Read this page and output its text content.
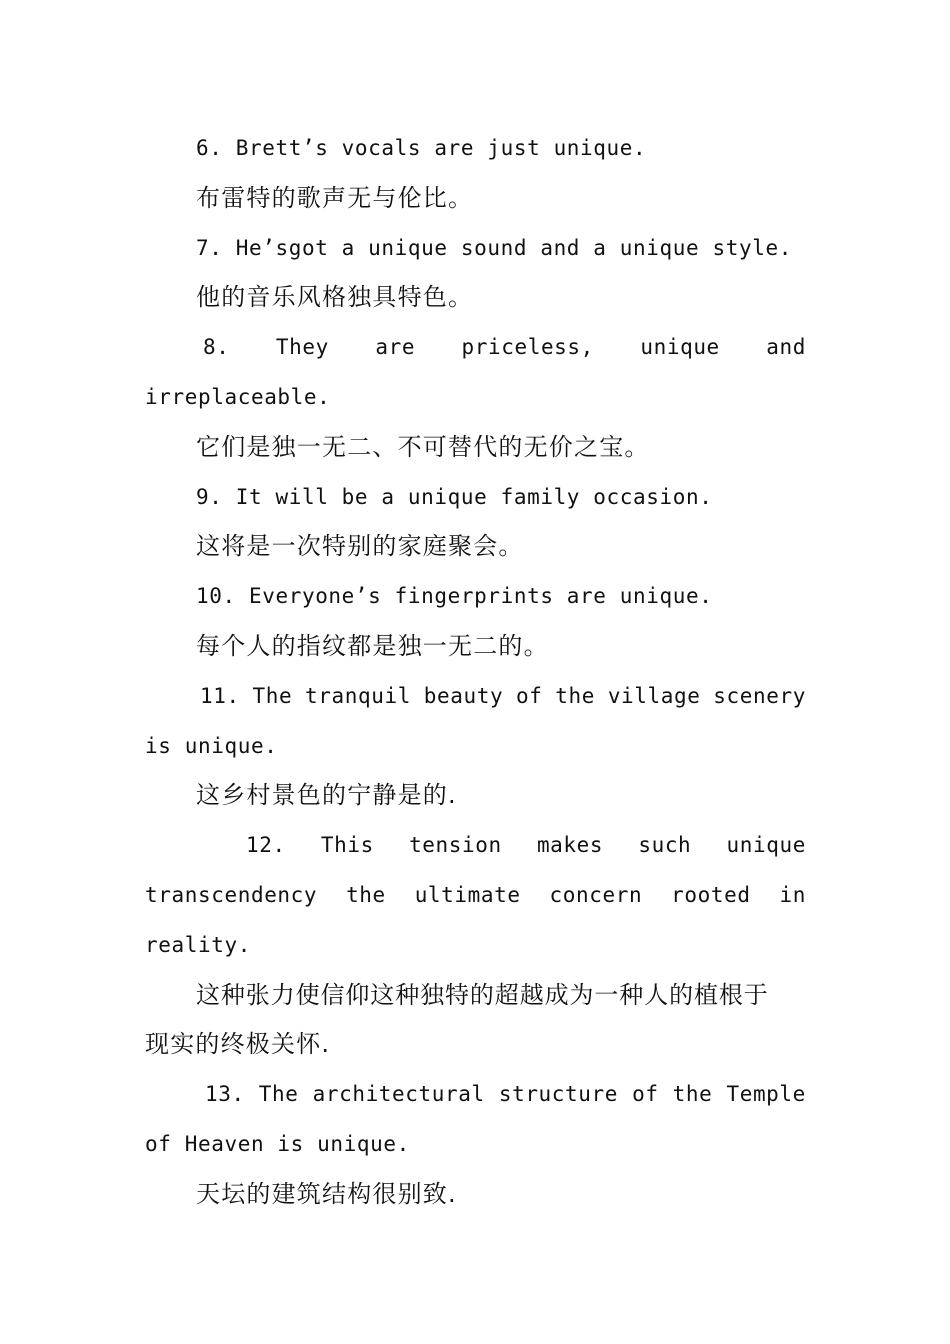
6. Brett’s vocals are just unique.
布雷特的歌声无与伦比。
7. He’sgot a unique sound and a unique style.
他的音乐风格独具特色。
8. They are priceless, unique and
irreplaceable.
它们是独一无二、不可替代的无价之宝。
9. It will be a unique family occasion.
这将是一次特别的家庭聚会。
10. Everyone’s fingerprints are unique.
每个人的指纹都是独一无二的。
11. The tranquil beauty of the village scenery
is unique.
这乡村景色的宁静是的.
12. This tension makes such unique
transcendency the ultimate concern rooted in
reality.
这种张力使信仰这种独特的超越成为一种人的植根于
现实的终极关怀.
13. The architectural structure of the Temple
of Heaven is unique.
天坛的建筑结构很别致.
